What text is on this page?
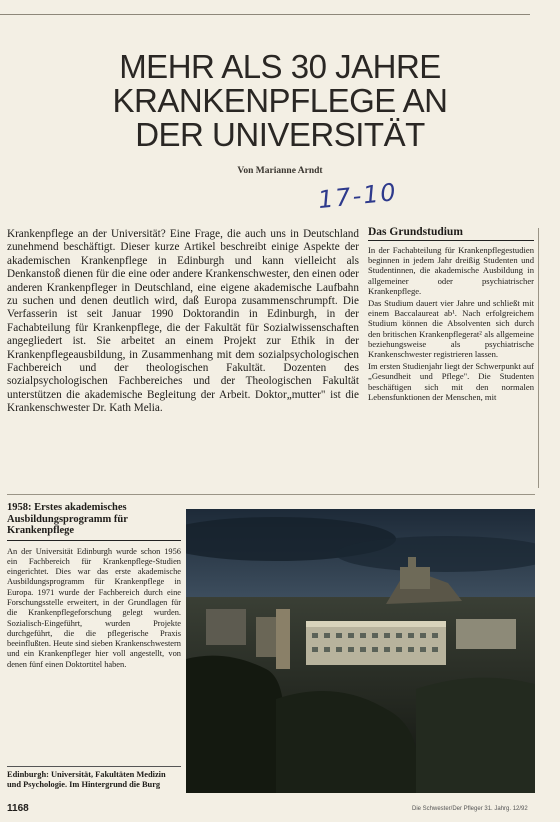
MEHR ALS 30 JAHRE
KRANKENPFLEGE AN
DER UNIVERSITÄT
Von Marianne Arndt
17-10

Krankenpflege an der Universität? Eine Frage, die auch uns in Deutschland zunehmend beschäftigt. Dieser kurze Artikel beschreibt einige Aspekte der akademischen Krankenpflege in Edinburgh und kann vielleicht als Denkanstoß dienen für die eine oder andere Krankenschwester, den einen oder anderen Krankenpfleger in Deutschland, eine eigene akademische Laufbahn zu suchen und denen deutlich wird, daß Europa zusammenschrumpft. Die Verfasserin ist seit Januar 1990 Doktorandin in Edinburgh, in der Fachabteilung für Krankenpflege, die der Fakultät für Sozialwissenschaften angegliedert ist. Sie arbeitet an einem Projekt zur Ethik in der Krankenpflegeausbildung, in Zusammenhang mit dem sozialpsychologischen Fachbereich und der theologischen Fakultät. Dozenten des sozialpsychologischen Fachbereiches und der Theologischen Fakultät unterstützen die akademische Begleitung der Arbeit. Doktor„mutter" ist die Krankenschwester Dr. Kath Melia.

Das Grundstudium

In der Fachabteilung für Krankenpflegestudien beginnen in jedem Jahr dreißig Studenten und Studentinnen, die akademische Ausbildung in allgemeiner oder psychiatrischer Krankenpflege.

Das Studium dauert vier Jahre und schließt mit einem Baccalaureat ab¹. Nach erfolgreichem Studium können die Absolventen sich durch den britischen Krankenpflegerat² als allgemeine beziehungsweise als psychiatrische Krankenschwester registrieren lassen.

Im ersten Studienjahr liegt der Schwerpunkt auf „Gesundheit und Pflege". Die Studenten beschäftigen sich mit den normalen Lebensfunktionen der Menschen, mit

1958: Erstes akademisches Ausbildungsprogramm für Krankenpflege

An der Universität Edinburgh wurde schon 1956 ein Fachbereich für Krankenpflege-Studien eingerichtet. Dies war das erste akademische Ausbildungsprogramm für Krankenpflege in Europa. 1971 wurde der Fachbereich durch eine Forschungsstelle erweitert, in der Grundlagen für die Krankenpflegeforschung gelegt wurden. Sozialisch-Eingeführt, wurden Projekte durchgeführt, die die pflegerische Praxis beeinflußten. Heute sind sieben Krankenschwestern und ein Krankenpfleger hier voll angestellt, von denen fünf einen Doktortitel haben.

Edinburgh: Universität, Fakultäten Medizin und Psychologie. Im Hintergrund die Burg

1168	Die Schwester/Der Pfleger 31. Jahrg. 12/92
